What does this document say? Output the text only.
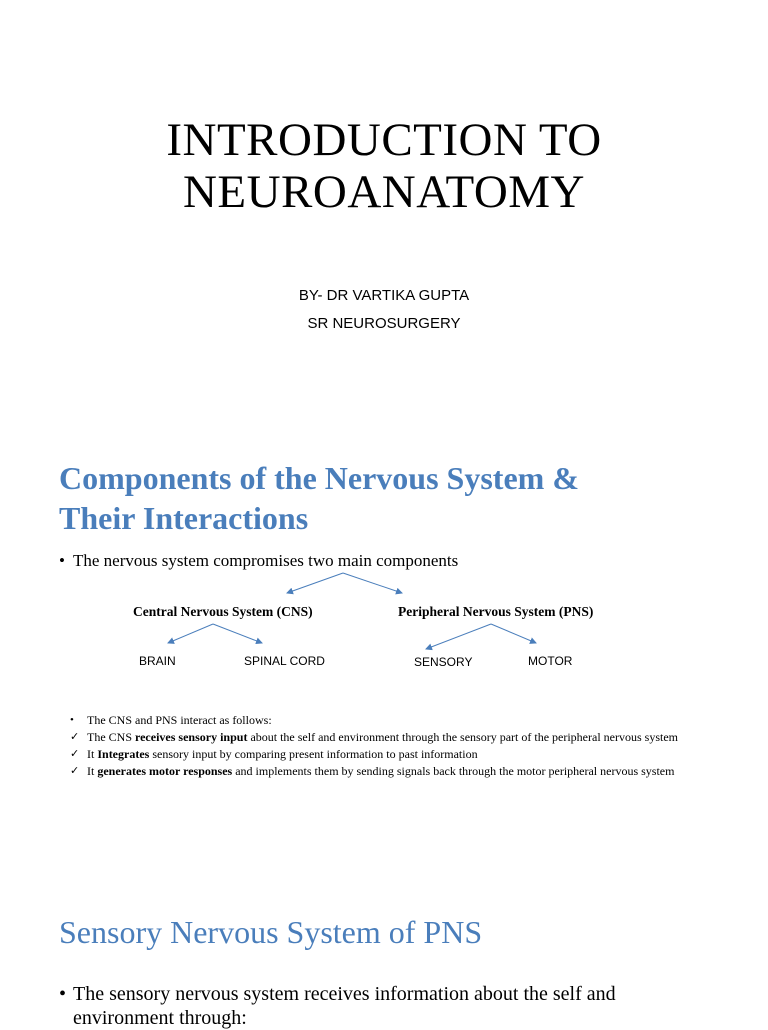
INTRODUCTION TO
NEUROANATOMY
BY- DR VARTIKA GUPTA
SR NEUROSURGERY
Components of the Nervous System &
Their Interactions
• The nervous system compromises two main components
Central Nervous System (CNS)	Peripheral Nervous System (PNS)
BRAIN	SPINAL CORD	SENSORY	MOTOR
•	The CNS and PNS interact as follows:
✓ The CNS receives sensory input about the self and environment through the sensory part of the peripheral nervous system
✓ It Integrates sensory input by comparing present information to past information
✓ It generates motor responses and implements them by sending signals back through the motor peripheral nervous system
Sensory Nervous System of PNS
• The sensory nervous system receives information about the self and environment through:
